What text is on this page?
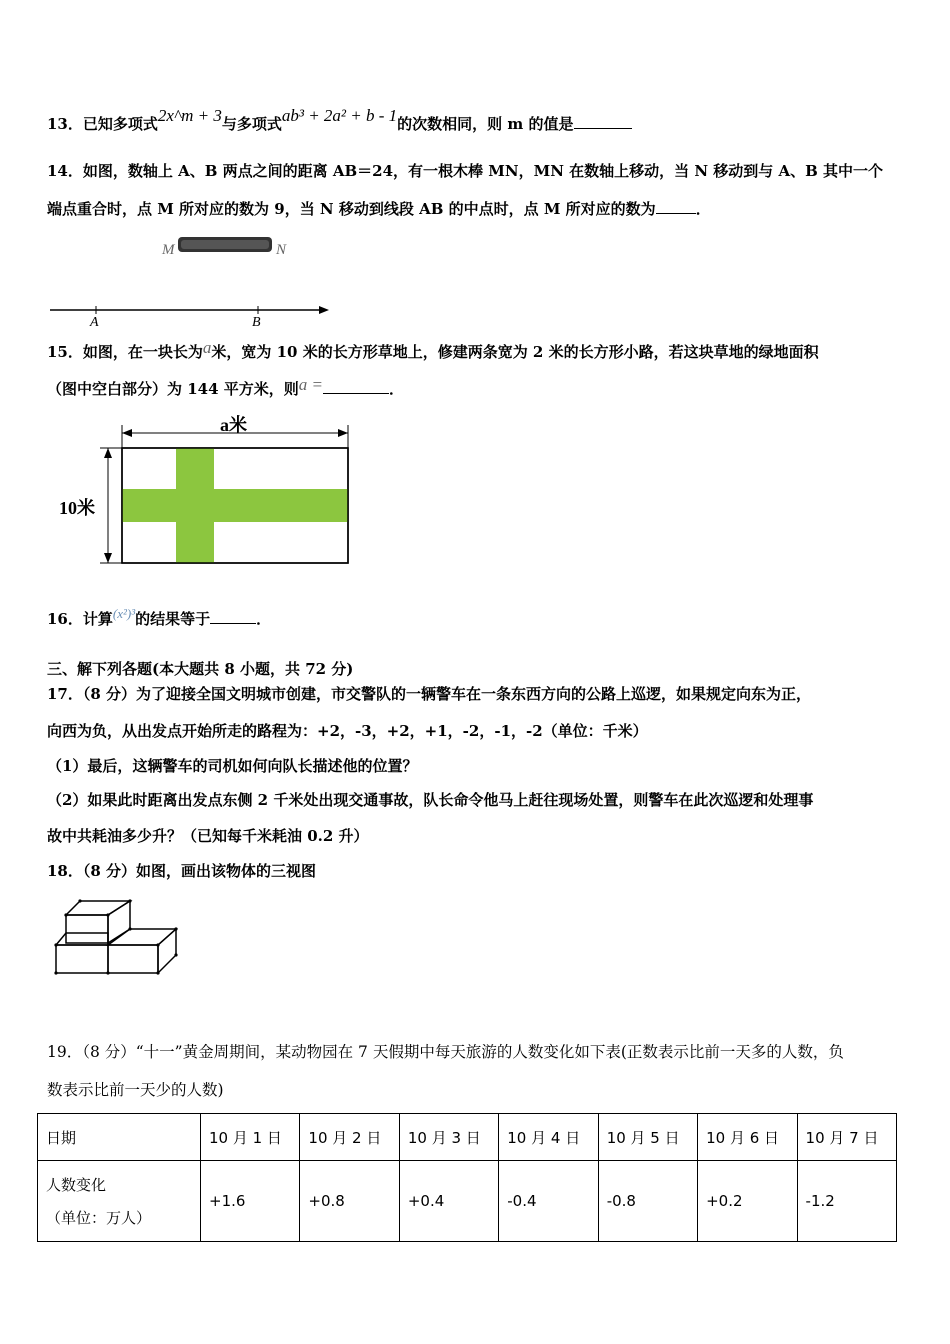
13．已知多项式2x^m + 3与多项式ab³ + 2a² + b - 1的次数相同，则 m 的值是
14．如图，数轴上 A、B 两点之间的距离 AB＝24，有一根木棒 MN，MN 在数轴上移动，当 N 移动到与 A、B 其中一个
端点重合时，点 M 所对应的数为 9，当 N 移动到线段 AB 的中点时，点 M 所对应的数为	．
M	N
A	B
15．如图，在一块长为a米，宽为 10 米的长方形草地上，修建两条宽为 2 米的长方形小路，若这块草地的绿地面积
（图中空白部分）为 144 平方米，则a =	．
a米
10米
16．计算(x²)³的结果等于	．
三、解下列各题(本大题共 8 小题，共 72 分)
17．（8 分）为了迎接全国文明城市创建，市交警队的一辆警车在一条东西方向的公路上巡逻，如果规定向东为正，
向西为负，从出发点开始所走的路程为：+2，-3，+2，+1，-2，-1，-2（单位：千米）
（1）最后，这辆警车的司机如何向队长描述他的位置？
（2）如果此时距离出发点东侧 2 千米处出现交通事故，队长命令他马上赶往现场处置，则警车在此次巡逻和处理事
故中共耗油多少升？（已知每千米耗油 0.2 升）
18．（8 分）如图，画出该物体的三视图
19．（8 分）“十一”黄金周期间，某动物园在 7 天假期中每天旅游的人数变化如下表(正数表示比前一天多的人数，负
数表示比前一天少的人数)
日期	10 月 1 日	10 月 2 日	10 月 3 日	10 月 4 日	10 月 5 日	10 月 6 日	10 月 7 日

人数变化
（单位：万人）	+1.6	+0.8	+0.4	-0.4	-0.8	+0.2	-1.2
